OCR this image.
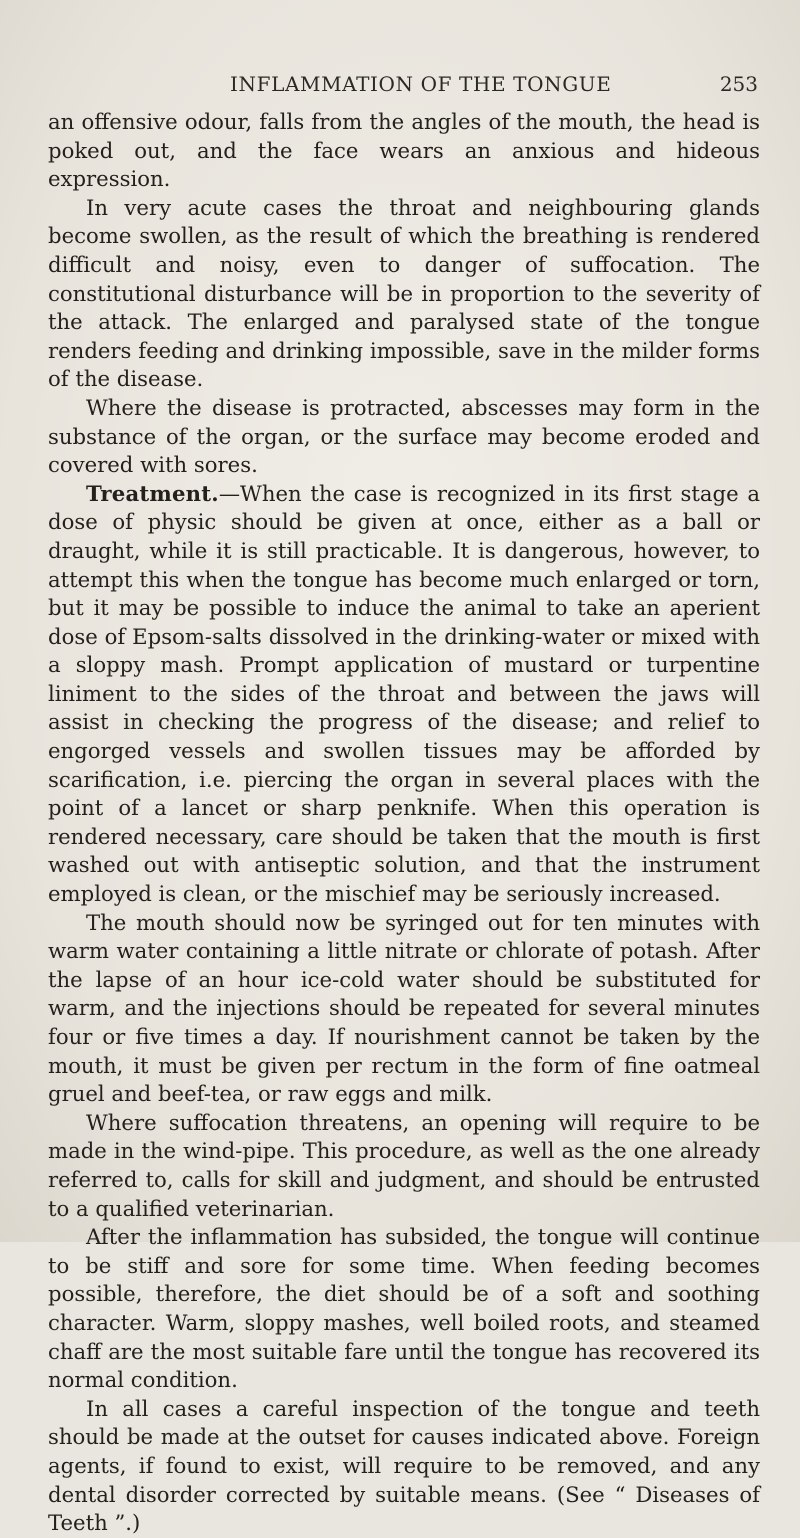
INFLAMMATION OF THE TONGUE	253

an offensive odour, falls from the angles of the mouth, the head is poked out, and the face wears an anxious and hideous expression.

In very acute cases the throat and neighbouring glands become swollen, as the result of which the breathing is rendered difficult and noisy, even to danger of suffocation. The constitutional disturbance will be in proportion to the severity of the attack. The enlarged and paralysed state of the tongue renders feeding and drinking impossible, save in the milder forms of the disease.

Where the disease is protracted, abscesses may form in the substance of the organ, or the surface may become eroded and covered with sores.

Treatment.—When the case is recognized in its first stage a dose of physic should be given at once, either as a ball or draught, while it is still practicable. It is dangerous, however, to attempt this when the tongue has become much enlarged or torn, but it may be possible to induce the animal to take an aperient dose of Epsom-salts dissolved in the drinking-water or mixed with a sloppy mash. Prompt application of mustard or turpentine liniment to the sides of the throat and between the jaws will assist in checking the progress of the disease; and relief to engorged vessels and swollen tissues may be afforded by scarification, i.e. piercing the organ in several places with the point of a lancet or sharp penknife. When this operation is rendered necessary, care should be taken that the mouth is first washed out with antiseptic solution, and that the instrument employed is clean, or the mischief may be seriously increased.

The mouth should now be syringed out for ten minutes with warm water containing a little nitrate or chlorate of potash. After the lapse of an hour ice-cold water should be substituted for warm, and the injections should be repeated for several minutes four or five times a day. If nourishment cannot be taken by the mouth, it must be given per rectum in the form of fine oatmeal gruel and beef-tea, or raw eggs and milk.

Where suffocation threatens, an opening will require to be made in the wind-pipe. This procedure, as well as the one already referred to, calls for skill and judgment, and should be entrusted to a qualified veterinarian.

After the inflammation has subsided, the tongue will continue to be stiff and sore for some time. When feeding becomes possible, therefore, the diet should be of a soft and soothing character. Warm, sloppy mashes, well boiled roots, and steamed chaff are the most suitable fare until the tongue has recovered its normal condition.

In all cases a careful inspection of the tongue and teeth should be made at the outset for causes indicated above. Foreign agents, if found to exist, will require to be removed, and any dental disorder corrected by suitable means. (See “ Diseases of Teeth ”.)
